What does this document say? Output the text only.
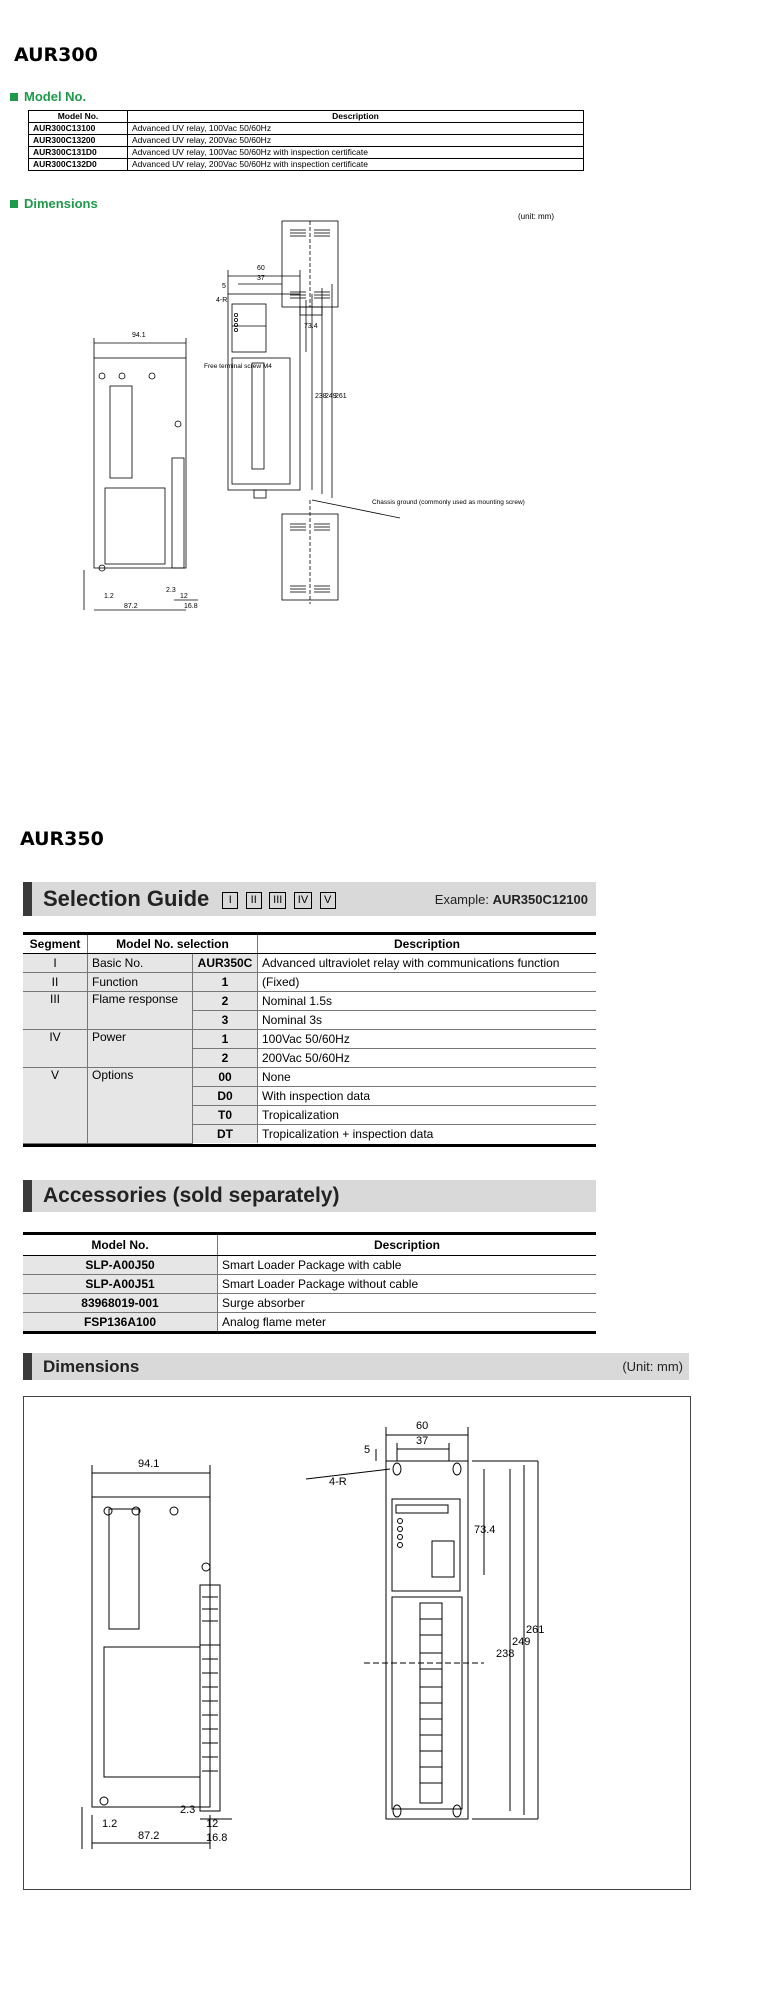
AUR300
Model No.
Model No.	Description
AUR300C13100	Advanced UV relay, 100Vac 50/60Hz
AUR300C13200	Advanced UV relay, 200Vac 50/60Hz
AUR300C131D0	Advanced UV relay, 100Vac 50/60Hz with inspection certificate
AUR300C132D0	Advanced UV relay, 200Vac 50/60Hz with inspection certificate
Dimensions
(unit: mm)
94.1
60
37
5
4-R
73.4
238
249
261
1.2
2.3
87.2
12
16.8
Free terminal screw M4
Chassis ground (commonly used as mounting screw)
AUR350
Selection Guide	I II III IV V	Example: AUR350C12100
Segment	Model No. selection		Description
I	Basic No.	AUR350C	Advanced ultraviolet relay with communications function
II	Function	1	(Fixed)
III	Flame response	2	Nominal 1.5s
		3	Nominal 3s
IV	Power	1	100Vac 50/60Hz
		2	200Vac 50/60Hz
V	Options	00	None
		D0	With inspection data
		T0	Tropicalization
		DT	Tropicalization + inspection data
Accessories (sold separately)
Model No.	Description
SLP-A00J50	Smart Loader Package with cable
SLP-A00J51	Smart Loader Package without cable
83968019-001	Surge absorber
FSP136A100	Analog flame meter
Dimensions	(Unit: mm)
94.1
60
37
5
4-R
73.4
238
249
261
1.2
2.3
87.2
12
16.8
